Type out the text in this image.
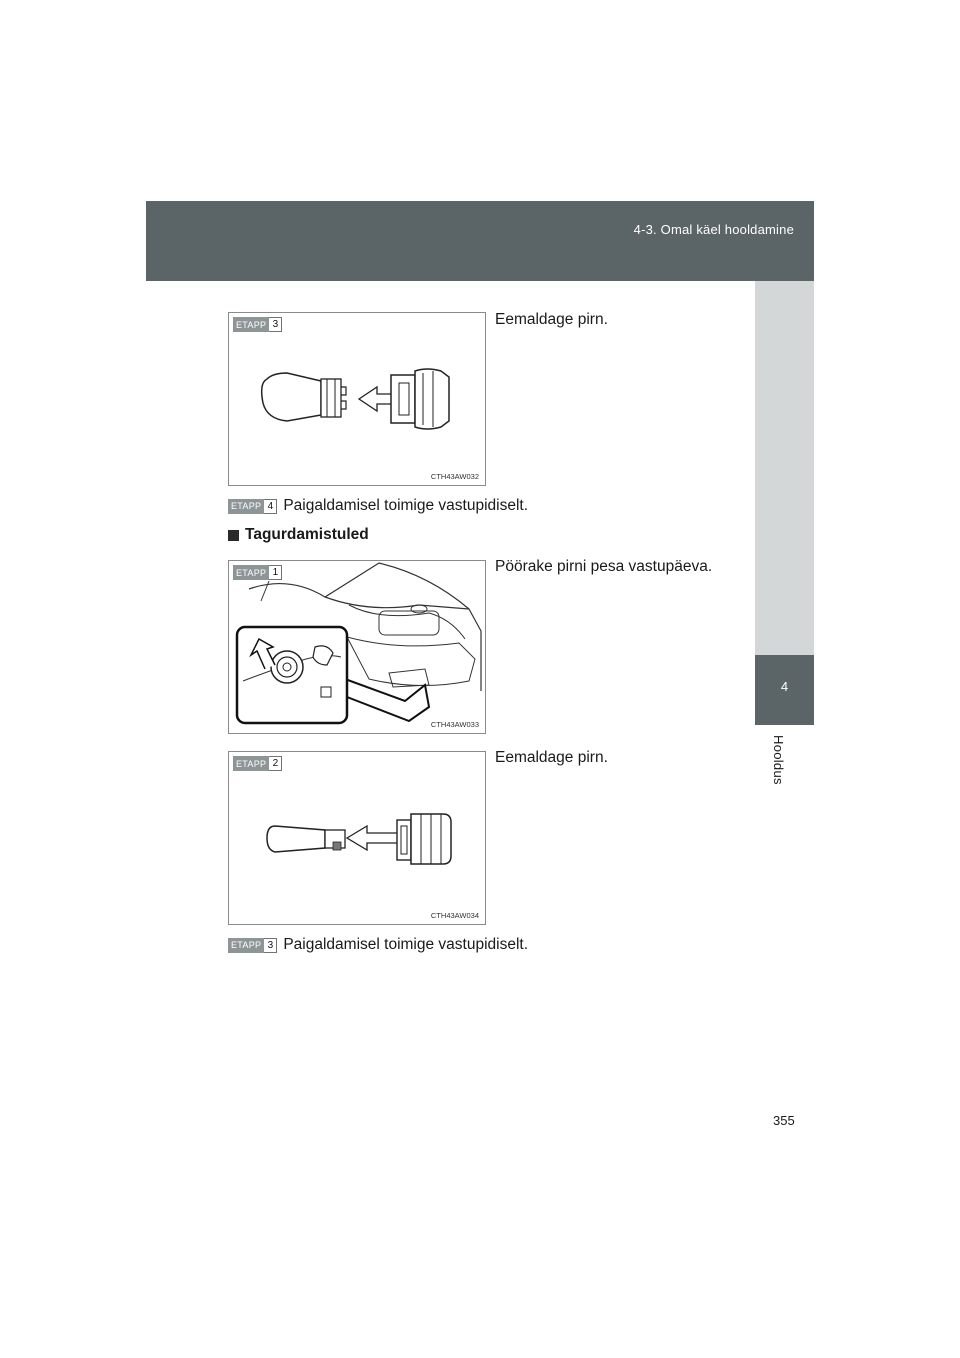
4-3. Omal käel hooldamine
4
Hooldus
ETAPP 3
CTH43AW032
Eemaldage pirn.
ETAPP 4 Paigaldamisel toimige vastupidiselt.
Tagurdamistuled
ETAPP 1
CTH43AW033
Pöörake pirni pesa vastupäeva.
ETAPP 2
CTH43AW034
Eemaldage pirn.
ETAPP 3 Paigaldamisel toimige vastupidiselt.
355
